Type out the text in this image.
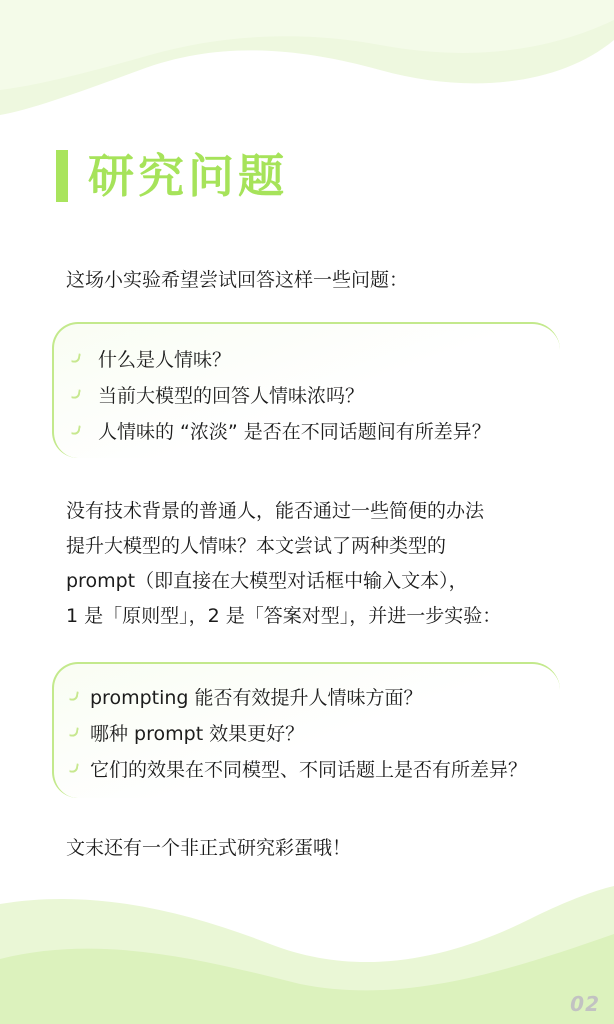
研究问题
这场小实验希望尝试回答这样一些问题：
什么是人情味？
当前大模型的回答人情味浓吗？
人情味的 “浓淡” 是否在不同话题间有所差异？
没有技术背景的普通人，能否通过一些简便的办法
提升大模型的人情味？本文尝试了两种类型的
prompt（即直接在大模型对话框中输入文本），
1 是「原则型」，2 是「答案对型」，并进一步实验：
prompting 能否有效提升人情味方面？
哪种 prompt 效果更好？
它们的效果在不同模型、不同话题上是否有所差异？
文末还有一个非正式研究彩蛋哦！
02
